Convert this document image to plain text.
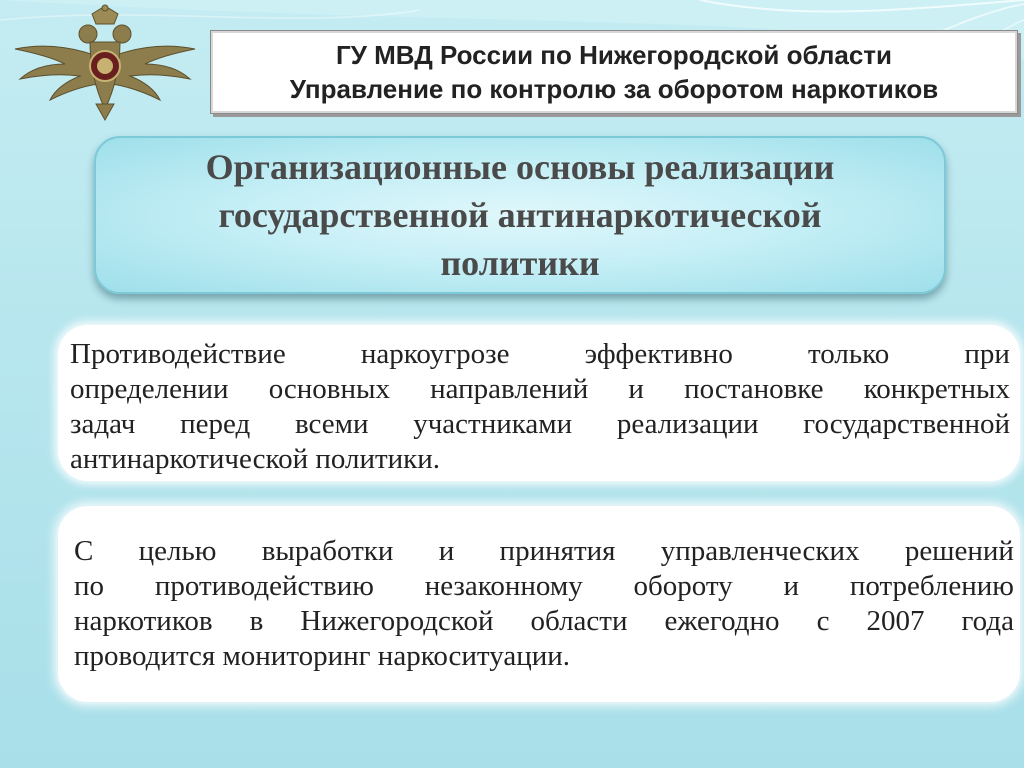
ГУ МВД России по Нижегородской области
Управление по контролю за оборотом наркотиков
Организационные основы реализации
государственной антинаркотической
политики
Противодействие	наркоугрозе	эффективно	только	при
определении основных направлений и постановке конкретных
задач перед всеми участниками реализации государственной
антинаркотической политики.
С целью выработки и принятия управленческих решений
по противодействию незаконному обороту и потреблению
наркотиков в Нижегородской области ежегодно с 2007 года
проводится мониторинг наркоситуации.
